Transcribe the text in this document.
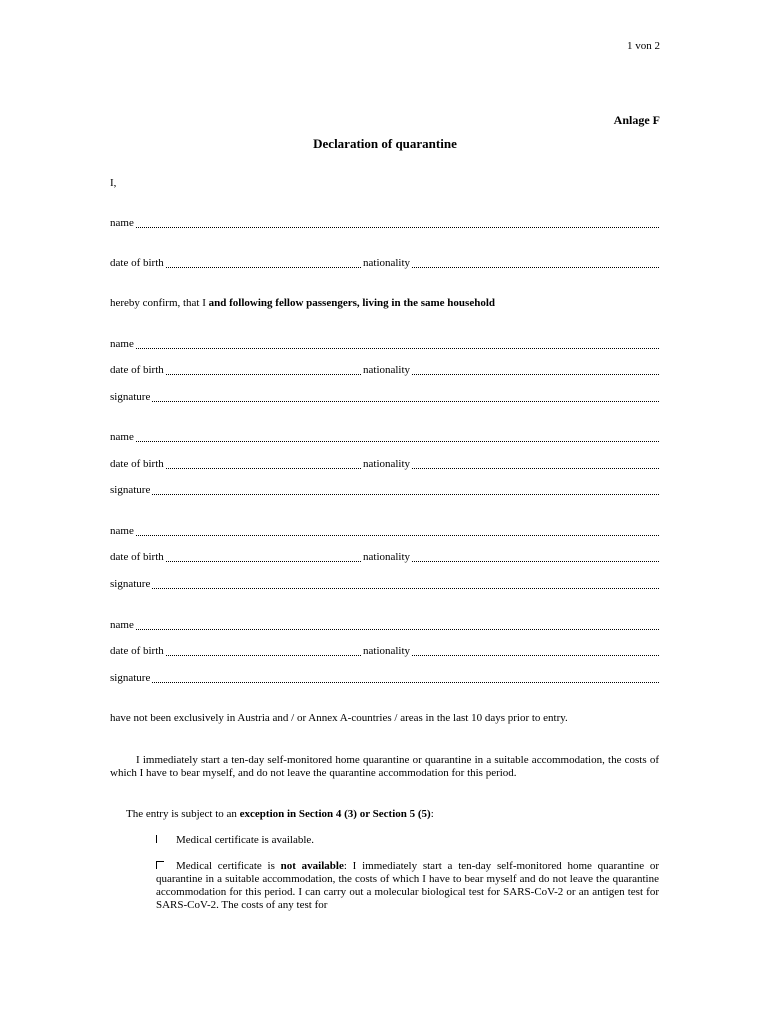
1 von 2
Anlage F
Declaration of quarantine
I,
name
date of birth	nationality
hereby confirm, that I and following fellow passengers, living in the same household
name
date of birth	nationality
signature
name
date of birth	nationality
signature
name
date of birth	nationality
signature
name
date of birth	nationality
signature
have not been exclusively in Austria and / or Annex A-countries / areas in the last 10 days prior to entry.
I immediately start a ten-day self-monitored home quarantine or quarantine in a suitable accommodation, the costs of which I have to bear myself, and do not leave the quarantine accommodation for this period.
The entry is subject to an exception in Section 4 (3) or Section 5 (5):
Medical certificate is available.
Medical certificate is not available: I immediately start a ten-day self-monitored home quarantine or quarantine in a suitable accommodation, the costs of which I have to bear myself and do not leave the quarantine accommodation for this period. I can carry out a molecular biological test for SARS-CoV-2 or an antigen test for SARS-CoV-2. The costs of any test for
